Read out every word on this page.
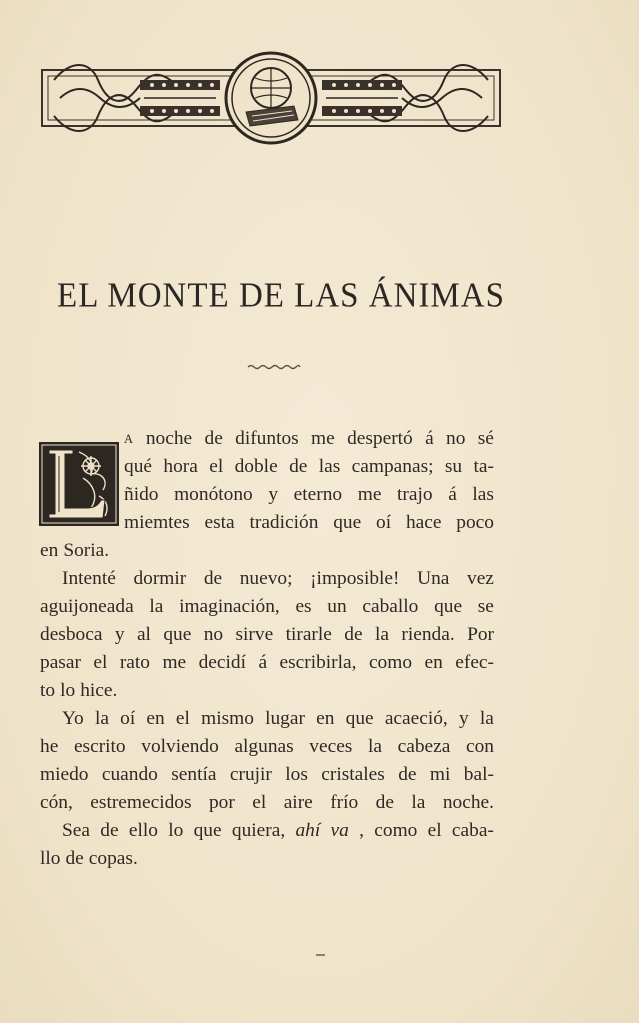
EL MONTE DE LAS ÁNIMAS
A noche de difuntos me despertó á no sé
qué hora el doble de las campanas; su ta-
ñido monótono y eterno me trajo á las
miemtes esta tradición que oí hace poco
en Soria.
Intenté dormir de nuevo; ¡imposible! Una vez
aguijoneada la imaginación, es un caballo que se
desboca y al que no sirve tirarle de la rienda. Por
pasar el rato me decidí á escribirla, como en efec-
to lo hice.
Yo la oí en el mismo lugar en que acaeció, y la
he escrito volviendo algunas veces la cabeza con
miedo cuando sentía crujir los cristales de mi bal-
cón, estremecidos por el aire frío de la noche.
Sea de ello lo que quiera, ahí va , como el caba-
llo de copas.
